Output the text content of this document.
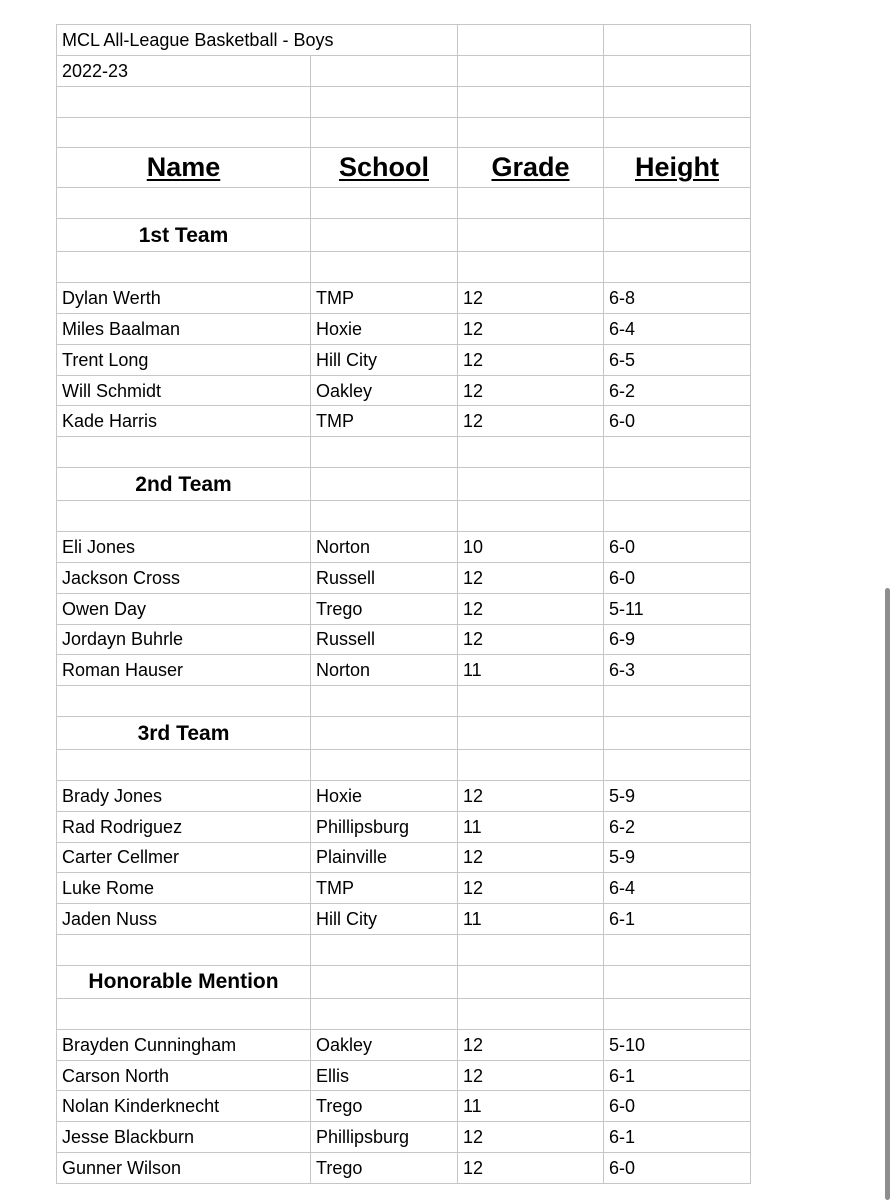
MCL All-League Basketball - Boys			
2022-23			

Name	School	Grade	Height

1st Team			

Dylan Werth	TMP	12	6-8
Miles Baalman	Hoxie	12	6-4
Trent Long	Hill City	12	6-5
Will Schmidt	Oakley	12	6-2
Kade Harris	TMP	12	6-0

2nd Team			

Eli Jones	Norton	10	6-0
Jackson Cross	Russell	12	6-0
Owen Day	Trego	12	5-11
Jordayn Buhrle	Russell	12	6-9
Roman Hauser	Norton	11	6-3

3rd Team			

Brady Jones	Hoxie	12	5-9
Rad Rodriguez	Phillipsburg	11	6-2
Carter Cellmer	Plainville	12	5-9
Luke Rome	TMP	12	6-4
Jaden Nuss	Hill City	11	6-1

Honorable Mention			

Brayden Cunningham	Oakley	12	5-10
Carson North	Ellis	12	6-1
Nolan Kinderknecht	Trego	11	6-0
Jesse Blackburn	Phillipsburg	12	6-1
Gunner Wilson	Trego	12	6-0
